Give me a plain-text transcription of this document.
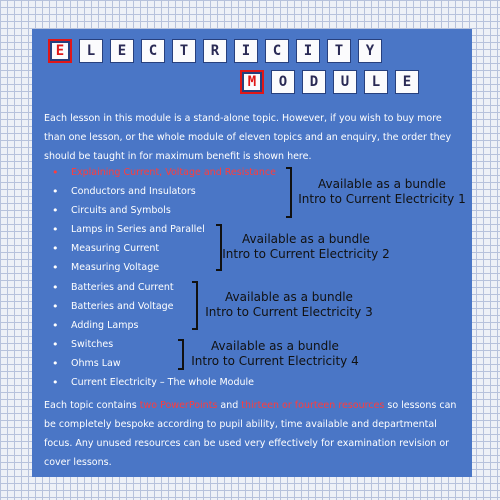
E	L	E	C	T	R	I	C	I	T	Y
M	O	D	U	L	E
Each lesson in this module is a stand-alone topic. However, if you wish to buy more than one lesson, or the whole module of eleven topics and an enquiry, the order they should be taught in for maximum benefit is shown here.
• Explaining Current, Voltage and Resistance
• Conductors and Insulators
• Circuits and Symbols
• Lamps in Series and Parallel
• Measuring Current
• Measuring Voltage
• Batteries and Current
• Batteries and Voltage
• Adding Lamps
• Switches
• Ohms Law
• Current Electricity – The whole Module
Available as a bundle
Intro to Current Electricity 1
Available as a bundle
Intro to Current Electricity 2
Available as a bundle
Intro to Current Electricity 3
Available as a bundle
Intro to Current Electricity 4
Each topic contains two PowerPoints and thirteen or fourteen resources so lessons can be completely bespoke according to pupil ability, time available and departmental focus. Any unused resources can be used very effectively for examination revision or cover lessons.
